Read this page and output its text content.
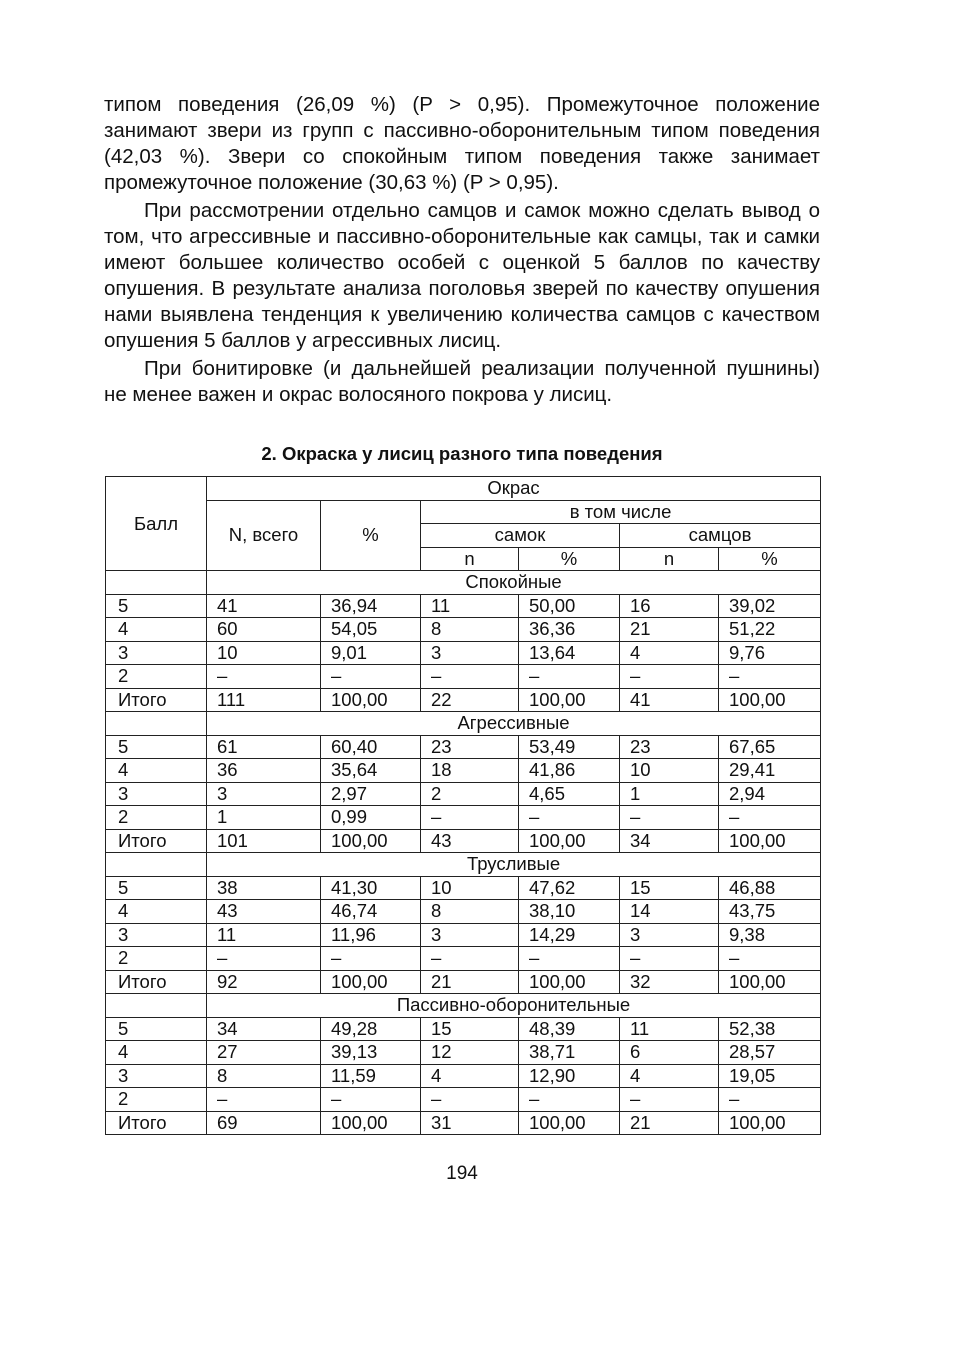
типом поведения (26,09 %) (P > 0,95). Промежуточное положение занимают звери из групп с пассивно-оборонительным типом поведения (42,03 %). Звери со спокойным типом поведения также занимает промежуточное положение (30,63 %) (P > 0,95).

При рассмотрении отдельно самцов и самок можно сделать вывод о том, что агрессивные и пассивно-оборонительные как самцы, так и самки имеют большее количество особей с оценкой 5 баллов по качеству опушения. В результате анализа поголовья зверей по качеству опушения нами выявлена тенденция к увеличению количества самцов с качеством опушения 5 баллов у агрессивных лисиц.

При бонитировке (и дальнейшей реализации полученной пушнины) не менее важен и окрас волосяного покрова у лисиц.

2. Окраска у лисиц разного типа поведения
Балл	Окрас					
	N, всего	%	в том числе			
			самок		самцов	
			n	%	n	%
	Спокойные					
5	41	36,94	11	50,00	16	39,02
4	60	54,05	8	36,36	21	51,22
3	10	9,01	3	13,64	4	9,76
2	–	–	–	–	–	–
Итого	111	100,00	22	100,00	41	100,00
	Агрессивные					
5	61	60,40	23	53,49	23	67,65
4	36	35,64	18	41,86	10	29,41
3	3	2,97	2	4,65	1	2,94
2	1	0,99	–	–	–	–
Итого	101	100,00	43	100,00	34	100,00
	Трусливые					
5	38	41,30	10	47,62	15	46,88
4	43	46,74	8	38,10	14	43,75
3	11	11,96	3	14,29	3	9,38
2	–	–	–	–	–	–
Итого	92	100,00	21	100,00	32	100,00
	Пассивно-оборонительные					
5	34	49,28	15	48,39	11	52,38
4	27	39,13	12	38,71	6	28,57
3	8	11,59	4	12,90	4	19,05
2	–	–	–	–	–	–
Итого	69	100,00	31	100,00	21	100,00
194
